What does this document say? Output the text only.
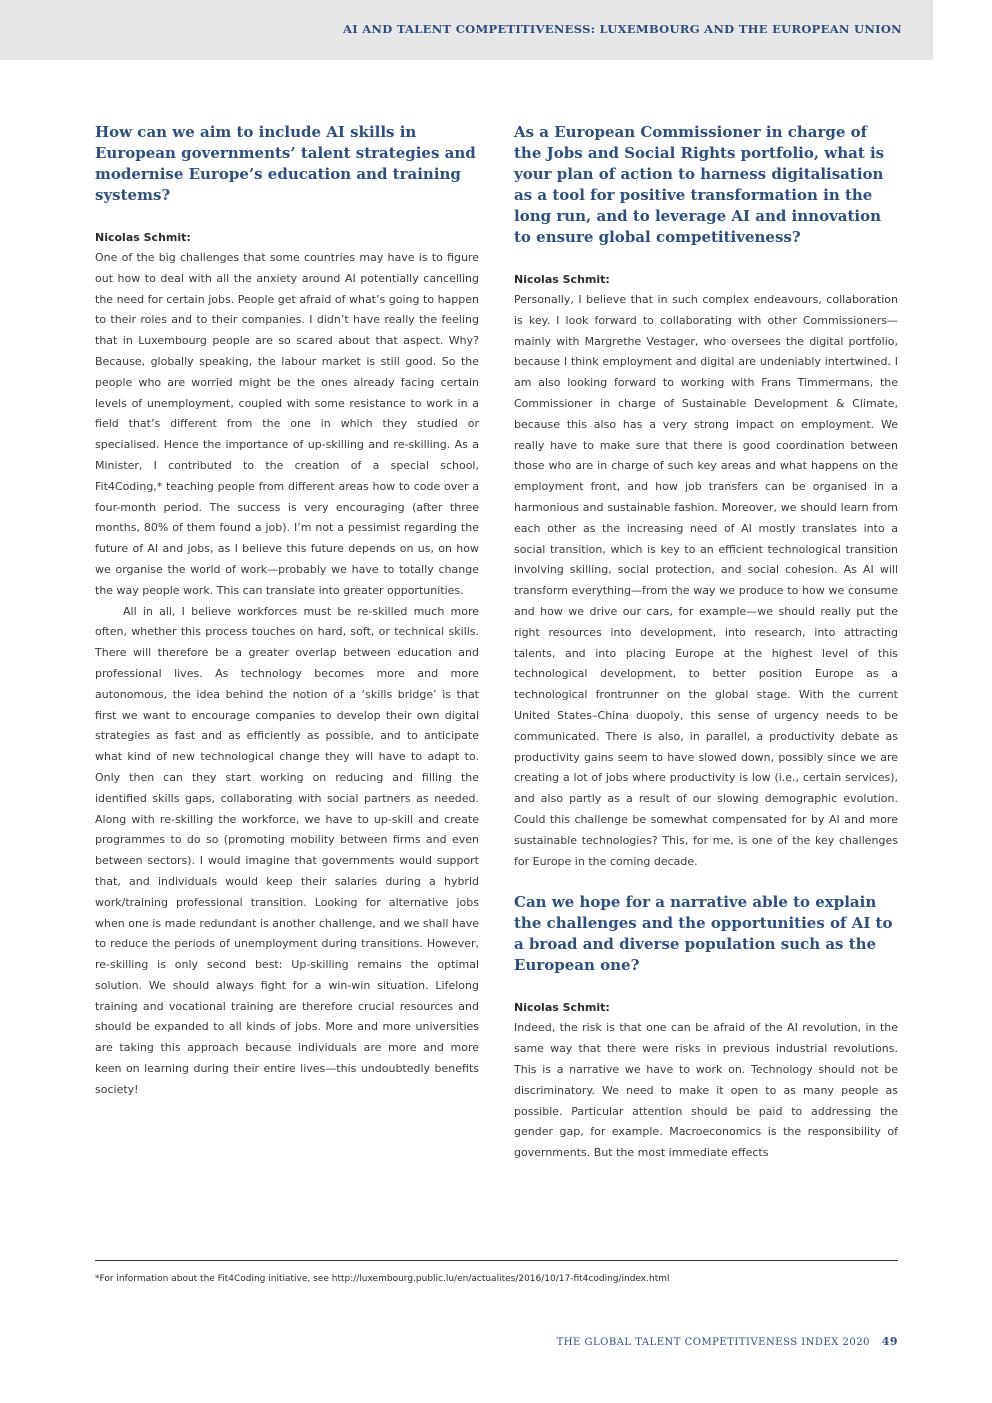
AI AND TALENT COMPETITIVENESS: LUXEMBOURG AND THE EUROPEAN UNION
How can we aim to include AI skills in European governments’ talent strategies and modernise Europe’s education and training systems?

Nicolas Schmit:

One of the big challenges that some countries may have is to figure out how to deal with all the anxiety around AI potentially cancelling the need for certain jobs. People get afraid of what’s going to happen to their roles and to their companies. I didn’t have really the feeling that in Luxembourg people are so scared about that aspect. Why? Because, globally speaking, the labour market is still good. So the people who are worried might be the ones already facing certain levels of unemployment, coupled with some resistance to work in a field that’s different from the one in which they studied or specialised. Hence the importance of up-skilling and re-skilling. As a Minister, I contributed to the creation of a special school, Fit4Coding,* teaching people from different areas how to code over a four-month period. The success is very encouraging (after three months, 80% of them found a job). I’m not a pessimist regarding the future of AI and jobs, as I believe this future depends on us, on how we organise the world of work—probably we have to totally change the way people work. This can translate into greater opportunities.

All in all, I believe workforces must be re-skilled much more often, whether this process touches on hard, soft, or technical skills. There will therefore be a greater overlap between education and professional lives. As technology becomes more and more autonomous, the idea behind the notion of a ‘skills bridge’ is that first we want to encourage companies to develop their own digital strategies as fast and as efficiently as possible, and to anticipate what kind of new technological change they will have to adapt to. Only then can they start working on reducing and filling the identified skills gaps, collaborating with social partners as needed. Along with re-skilling the workforce, we have to up-skill and create programmes to do so (promoting mobility between firms and even between sectors). I would imagine that governments would support that, and individuals would keep their salaries during a hybrid work/training professional transition. Looking for alternative jobs when one is made redundant is another challenge, and we shall have to reduce the periods of unemployment during transitions. However, re-skilling is only second best: Up-skilling remains the optimal solution. We should always fight for a win-win situation. Lifelong training and vocational training are therefore crucial resources and should be expanded to all kinds of jobs. More and more universities are taking this approach because individuals are more and more keen on learning during their entire lives—this undoubtedly benefits society!

As a European Commissioner in charge of the Jobs and Social Rights portfolio, what is your plan of action to harness digitalisation as a tool for positive transformation in the long run, and to leverage AI and innovation to ensure global competitiveness?

Nicolas Schmit:

Personally, I believe that in such complex endeavours, collaboration is key. I look forward to collaborating with other Commissioners—mainly with Margrethe Vestager, who oversees the digital portfolio, because I think employment and digital are undeniably intertwined. I am also looking forward to working with Frans Timmermans, the Commissioner in charge of Sustainable Development & Climate, because this also has a very strong impact on employment. We really have to make sure that there is good coordination between those who are in charge of such key areas and what happens on the employment front, and how job transfers can be organised in a harmonious and sustainable fashion. Moreover, we should learn from each other as the increasing need of AI mostly translates into a social transition, which is key to an efficient technological transition involving skilling, social protection, and social cohesion. As AI will transform everything—from the way we produce to how we consume and how we drive our cars, for example—we should really put the right resources into development, into research, into attracting talents, and into placing Europe at the highest level of this technological development, to better position Europe as a technological frontrunner on the global stage. With the current United States–China duopoly, this sense of urgency needs to be communicated. There is also, in parallel, a productivity debate as productivity gains seem to have slowed down, possibly since we are creating a lot of jobs where productivity is low (i.e., certain services), and also partly as a result of our slowing demographic evolution. Could this challenge be somewhat compensated for by AI and more sustainable technologies? This, for me, is one of the key challenges for Europe in the coming decade.

Can we hope for a narrative able to explain the challenges and the opportunities of AI to a broad and diverse population such as the European one?

Nicolas Schmit:

Indeed, the risk is that one can be afraid of the AI revolution, in the same way that there were risks in previous industrial revolutions. This is a narrative we have to work on. Technology should not be discriminatory. We need to make it open to as many people as possible. Particular attention should be paid to addressing the gender gap, for example. Macroeconomics is the responsibility of governments. But the most immediate effects

*For information about the Fit4Coding initiative, see http://luxembourg.public.lu/en/actualites/2016/10/17-fit4coding/index.html
THE GLOBAL TALENT COMPETITIVENESS INDEX 2020 49
